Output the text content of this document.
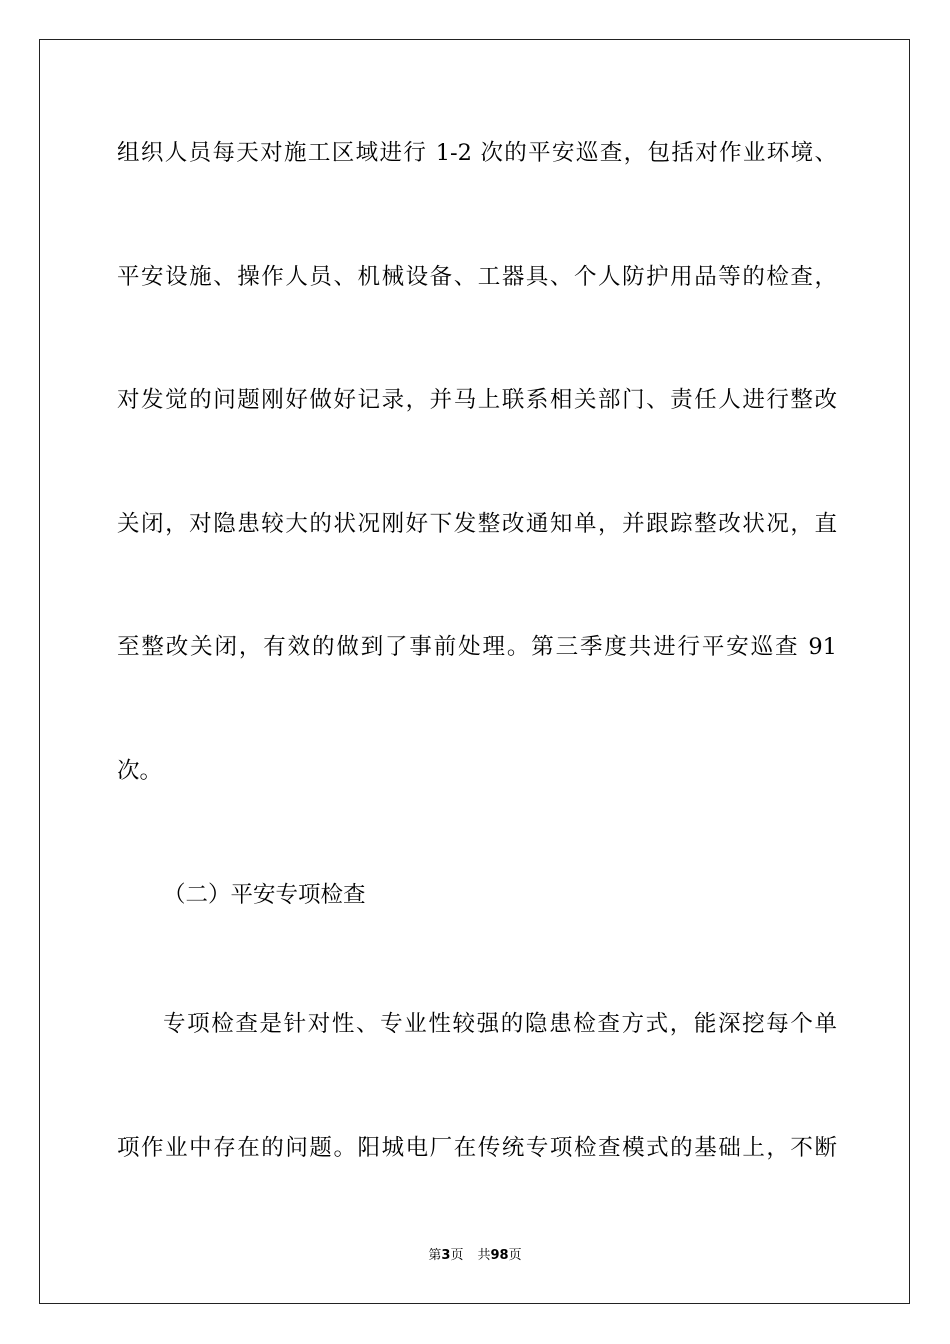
组织人员每天对施工区域进行 1-2 次的平安巡查，包括对作业环境、
平安设施、操作人员、机械设备、工器具、个人防护用品等的检查，
对发觉的问题刚好做好记录，并马上联系相关部门、责任人进行整改
关闭，对隐患较大的状况刚好下发整改通知单，并跟踪整改状况，直
至整改关闭，有效的做到了事前处理。第三季度共进行平安巡查 91
次。
（二）平安专项检查
专项检查是针对性、专业性较强的隐患检查方式，能深挖每个单
项作业中存在的问题。阳城电厂在传统专项检查模式的基础上，不断
第3页 共98页
